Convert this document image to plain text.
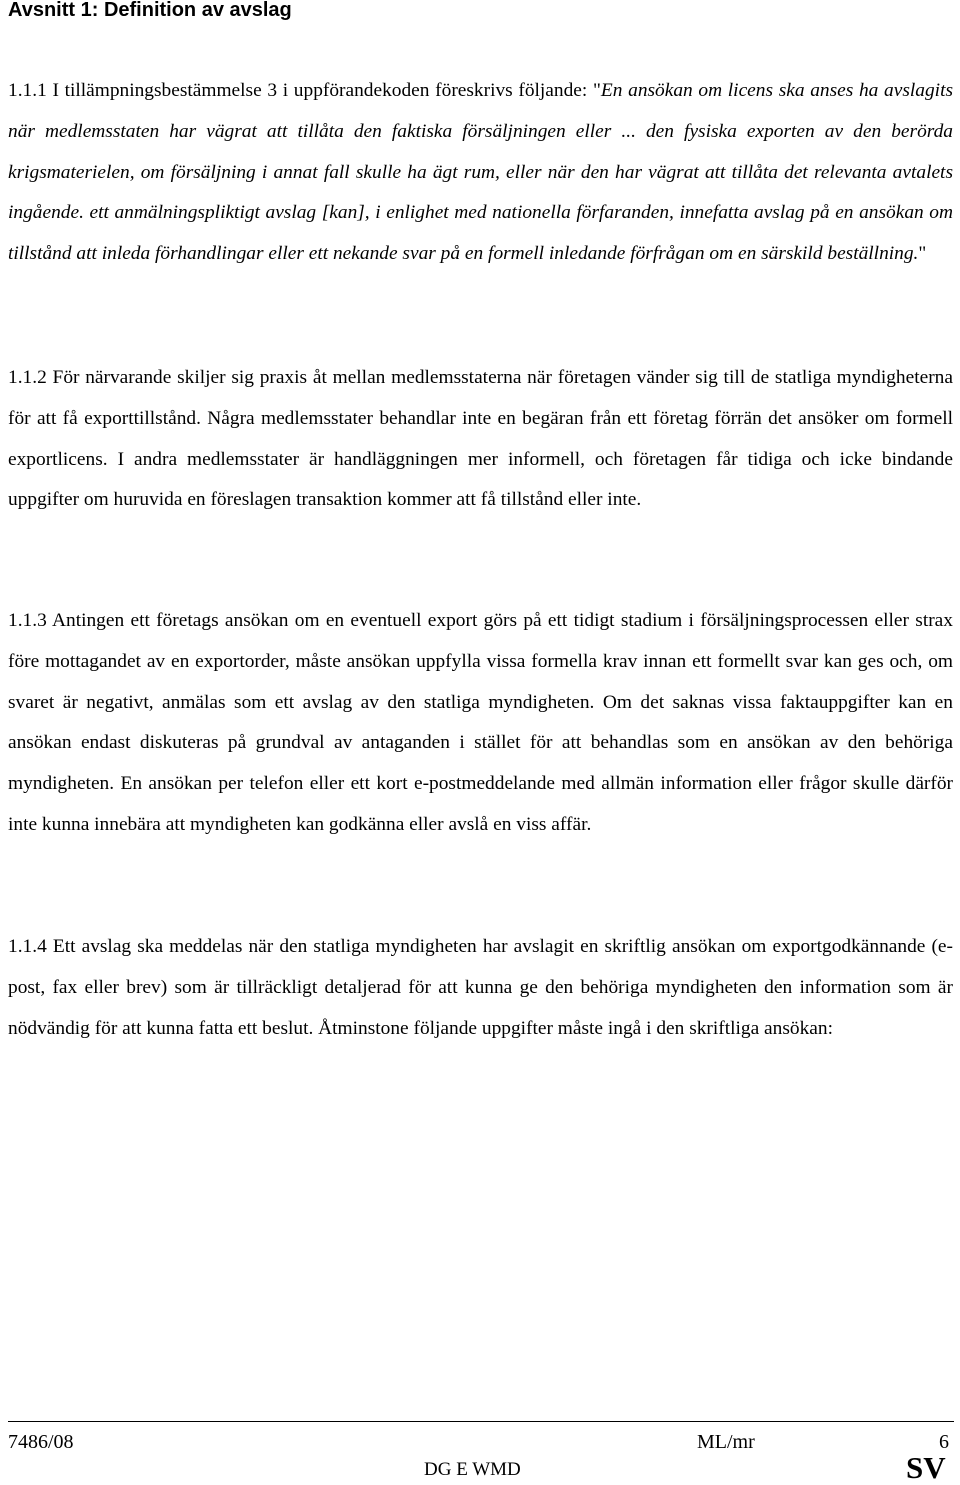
Avsnitt 1: Definition av avslag
1.1.1 I tillämpningsbestämmelse 3 i uppförandekoden föreskrivs följande: "En ansökan om licens ska anses ha avslagits när medlemsstaten har vägrat att tillåta den faktiska försäljningen eller ... den fysiska exporten av den berörda krigsmaterielen, om försäljning i annat fall skulle ha ägt rum, eller när den har vägrat att tillåta det relevanta avtalets ingående. ett anmälningspliktigt avslag [kan], i enlighet med nationella förfaranden, innefatta avslag på en ansökan om tillstånd att inleda förhandlingar eller ett nekande svar på en formell inledande förfrågan om en särskild beställning."
1.1.2 För närvarande skiljer sig praxis åt mellan medlemsstaterna när företagen vänder sig till de statliga myndigheterna för att få exporttillstånd. Några medlemsstater behandlar inte en begäran från ett företag förrän det ansöker om formell exportlicens. I andra medlemsstater är handläggningen mer informell, och företagen får tidiga och icke bindande uppgifter om huruvida en föreslagen transaktion kommer att få tillstånd eller inte.
1.1.3 Antingen ett företags ansökan om en eventuell export görs på ett tidigt stadium i försäljningsprocessen eller strax före mottagandet av en exportorder, måste ansökan uppfylla vissa formella krav innan ett formellt svar kan ges och, om svaret är negativt, anmälas som ett avslag av den statliga myndigheten. Om det saknas vissa faktauppgifter kan en ansökan endast diskuteras på grundval av antaganden i stället för att behandlas som en ansökan av den behöriga myndigheten. En ansökan per telefon eller ett kort e-postmeddelande med allmän information eller frågor skulle därför inte kunna innebära att myndigheten kan godkänna eller avslå en viss affär.
1.1.4 Ett avslag ska meddelas när den statliga myndigheten har avslagit en skriftlig ansökan om exportgodkännande (e-post, fax eller brev) som är tillräckligt detaljerad för att kunna ge den behöriga myndigheten den information som är nödvändig för att kunna fatta ett beslut. Åtminstone följande uppgifter måste ingå i den skriftliga ansökan:
7486/08	ML/mr	6
DG E WMD	SV
